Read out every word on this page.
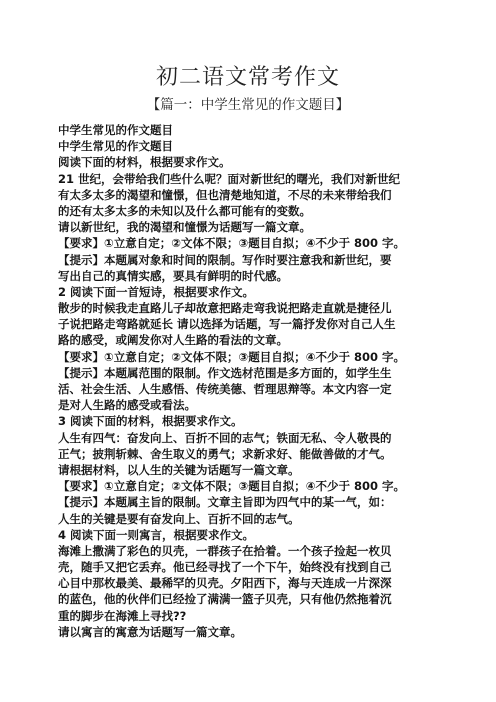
初二语文常考作文
【篇一：中学生常见的作文题目】
中学生常见的作文题目
中学生常见的作文题目
阅读下面的材料，根据要求作文。
21 世纪，会带给我们些什么呢？面对新世纪的曙光，我们对新世纪
有太多太多的渴望和憧憬，但也清楚地知道，不尽的未来带给我们
的还有太多太多的未知以及什么都可能有的变数。
请以新世纪，我的渴望和憧憬为话题写一篇文章。
【要求】①立意自定；②文体不限；③题目自拟；④不少于 800 字。
【提示】本题属对象和时间的限制。写作时要注意我和新世纪，要
写出自己的真情实感，要具有鲜明的时代感。
2 阅读下面一首短诗，根据要求作文。
散步的时候我走直路儿子却故意把路走弯我说把路走直就是捷径儿
子说把路走弯路就延长 请以选择为话题，写一篇抒发你对自己人生
路的感受，或阐发你对人生路的看法的文章。
【要求】①立意自定；②文体不限；③题目自拟；④不少于 800 字。
【提示】本题属范围的限制。作文选材范围是多方面的，如学生生
活、社会生活、人生感悟、传统美德、哲理思辩等。本文内容一定
是对人生路的感受或看法。
3 阅读下面的材料，根据要求作文。
人生有四气：奋发向上、百折不回的志气；铁面无私、令人敬畏的
正气；披荆斩棘、舍生取义的勇气；求新求好、能做善做的才气。
请根据材料，以人生的关键为话题写一篇文章。
【要求】①立意自定；②文体不限；③题目自拟；④不少于 800 字。
【提示】本题属主旨的限制。文章主旨即为四气中的某一气，如：
人生的关键是要有奋发向上、百折不回的志气。
4 阅读下面一则寓言，根据要求作文。
海滩上撒满了彩色的贝壳，一群孩子在拾着。一个孩子捡起一枚贝
壳，随手又把它丢弃。他已经寻找了一个下午，始终没有找到自己
心目中那枚最美、最稀罕的贝壳。夕阳西下，海与天连成一片深深
的蓝色，他的伙伴们已经捡了满满一篮子贝壳，只有他仍然拖着沉
重的脚步在海滩上寻找??
请以寓言的寓意为话题写一篇文章。
